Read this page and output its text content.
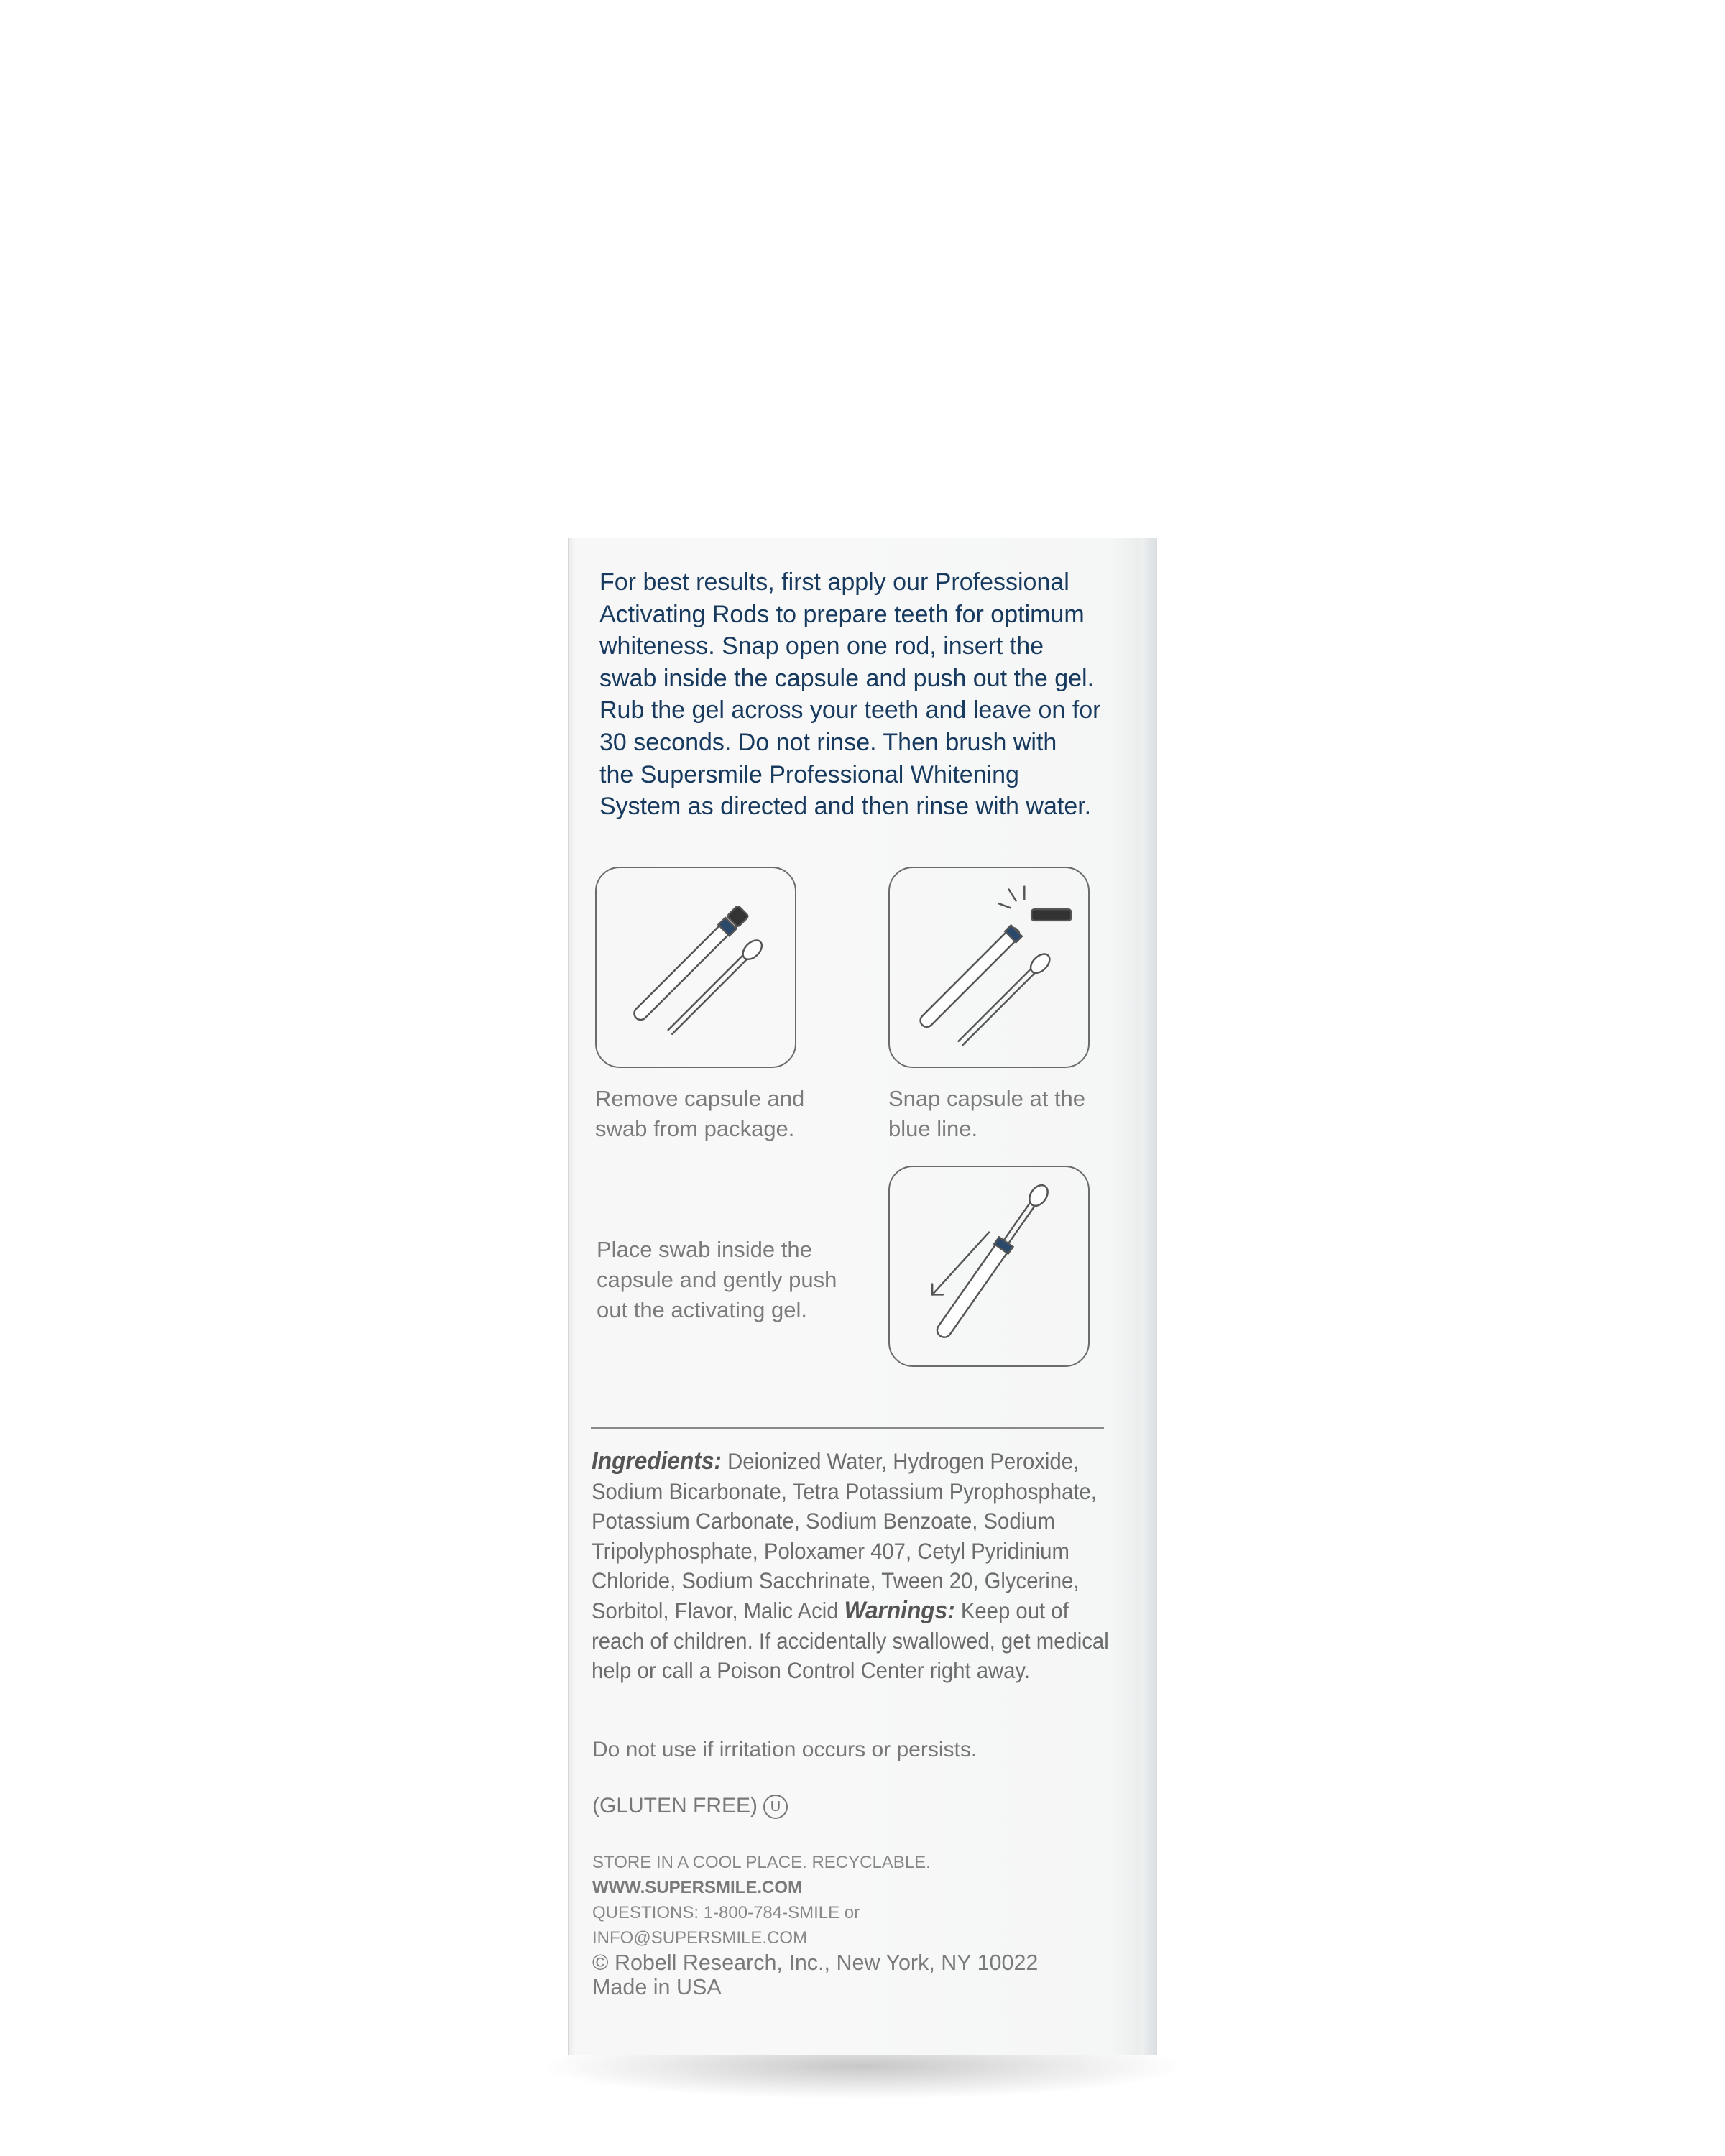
For best results, first apply our Professional

Activating Rods to prepare teeth for optimum

whiteness. Snap open one rod, insert the

swab inside the capsule and push out the gel.

Rub the gel across your teeth and leave on for

30 seconds. Do not rinse. Then brush with

the Supersmile Professional Whitening

System as directed and then rinse with water.

Remove capsule and

swab from package.

Snap capsule at the

blue line.

Place swab inside the

capsule and gently push

out the activating gel.

Ingredients: Deionized Water, Hydrogen Peroxide,

Sodium Bicarbonate, Tetra Potassium Pyrophosphate,

Potassium Carbonate, Sodium Benzoate, Sodium

Tripolyphosphate, Poloxamer 407, Cetyl Pyridinium

Chloride, Sodium Sacchrinate, Tween 20, Glycerine,

Sorbitol, Flavor, Malic Acid Warnings: Keep out of

reach of children. If accidentally swallowed, get medical

help or call a Poison Control Center right away.

Do not use if irritation occurs or persists.
(GLUTEN FREE) U

STORE IN A COOL PLACE. RECYCLABLE.

WWW.SUPERSMILE.COM

QUESTIONS: 1-800-784-SMILE or

INFO@SUPERSMILE.COM

© Robell Research, Inc., New York, NY 10022

Made in USA
